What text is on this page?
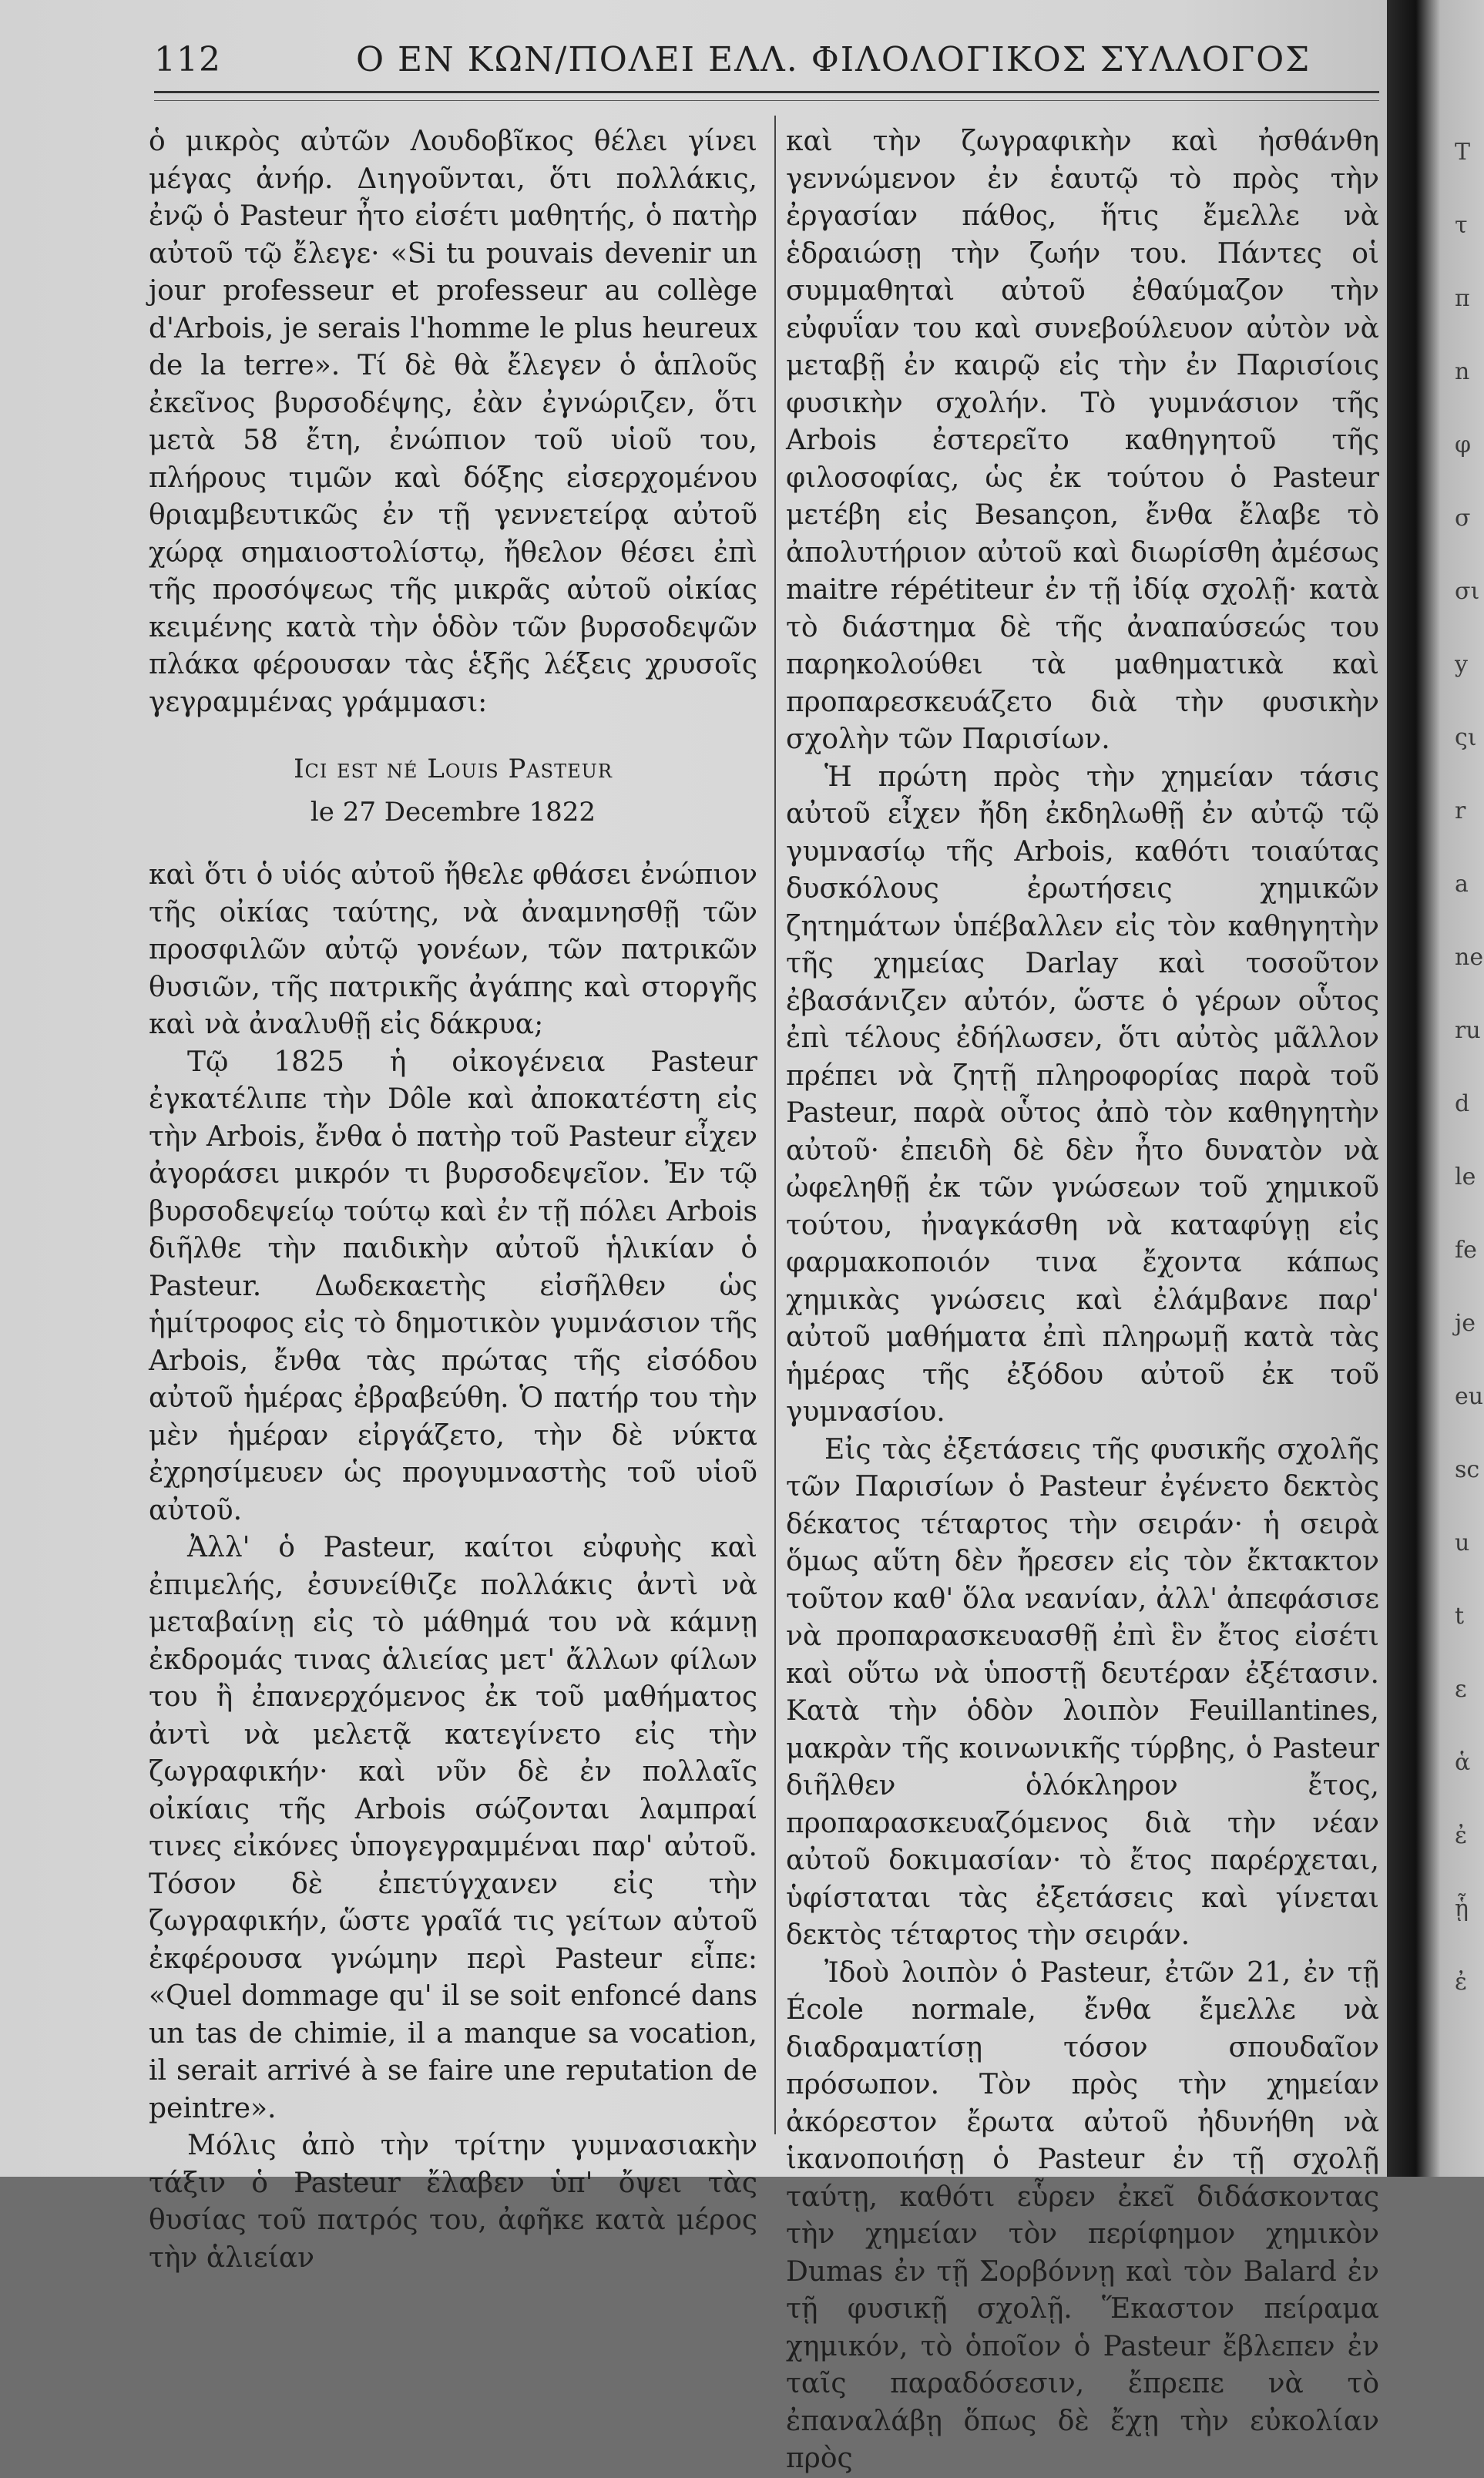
112	Ο ΕΝ ΚΩΝ/ΠΟΛΕΙ ΕΛΛ. ΦΙΛΟΛΟΓΙΚΟΣ ΣΥΛΛΟΓΟΣ

ὁ μικρὸς αὐτῶν Λουδοβῖκος θέλει γίνει μέγας ἀνήρ. Διηγοῦνται, ὅτι πολλάκις, ἐνῷ ὁ Pasteur ἦτο εἰσέτι μαθητής, ὁ πατὴρ αὐτοῦ τῷ ἔλεγε· «Si tu pouvais devenir un jour professeur et professeur au collège d'Arbois, je serais l'homme le plus heureux de la terre». Τί δὲ θὰ ἔλεγεν ὁ ἁπλοῦς ἐκεῖνος βυρσοδέψης, ἐὰν ἐγνώριζεν, ὅτι μετὰ 58 ἔτη, ἐνώπιον τοῦ υἱοῦ του, πλήρους τιμῶν καὶ δόξης εἰσερχομένου θριαμβευτικῶς ἐν τῇ γεννετείρᾳ αὐτοῦ χώρᾳ σημαιοστολίστῳ, ἤθελον θέσει ἐπὶ τῆς προσόψεως τῆς μικρᾶς αὐτοῦ οἰκίας κειμένης κατὰ τὴν ὁδὸν τῶν βυρσοδεψῶν πλάκα φέρουσαν τὰς ἑξῆς λέξεις χρυσοῖς γεγραμμένας γράμμασι:

Ici est né Louis Pasteur
le 27 Decembre 1822

καὶ ὅτι ὁ υἱός αὐτοῦ ἤθελε φθάσει ἐνώπιον τῆς οἰκίας ταύτης, νὰ ἀναμνησθῇ τῶν προσφιλῶν αὐτῷ γονέων, τῶν πατρικῶν θυσιῶν, τῆς πατρικῆς ἀγάπης καὶ στοργῆς καὶ νὰ ἀναλυθῇ εἰς δάκρυα;

Τῷ 1825 ἡ οἰκογένεια Pasteur ἐγκατέλιπε τὴν Dôle καὶ ἀποκατέστη εἰς τὴν Arbois, ἔνθα ὁ πατὴρ τοῦ Pasteur εἶχεν ἀγοράσει μικρόν τι βυρσοδεψεῖον. Ἐν τῷ βυρσοδεψείῳ τούτῳ καὶ ἐν τῇ πόλει Arbois διῆλθε τὴν παιδικὴν αὐτοῦ ἡλικίαν ὁ Pasteur. Δωδεκαετὴς εἰσῆλθεν ὡς ἡμίτροφος εἰς τὸ δημοτικὸν γυμνάσιον τῆς Arbois, ἔνθα τὰς πρώτας τῆς εἰσόδου αὐτοῦ ἡμέρας ἐβραβεύθη. Ὁ πατήρ του τὴν μὲν ἡμέραν εἰργάζετο, τὴν δὲ νύκτα ἐχρησίμευεν ὡς προγυμναστὴς τοῦ υἱοῦ αὐτοῦ.

Ἀλλ' ὁ Pasteur, καίτοι εὐφυὴς καὶ ἐπιμελής, ἐσυνείθιζε πολλάκις ἀντὶ νὰ μεταβαίνῃ εἰς τὸ μάθημά του νὰ κάμνῃ ἐκδρομάς τινας ἁλιείας μετ' ἄλλων φίλων του ἢ ἐπανερχόμενος ἐκ τοῦ μαθήματος ἀντὶ νὰ μελετᾷ κατεγίνετο εἰς τὴν ζωγραφικήν· καὶ νῦν δὲ ἐν πολλαῖς οἰκίαις τῆς Arbois σώζονται λαμπραί τινες εἰκόνες ὑπογεγραμμέναι παρ' αὐτοῦ. Τόσον δὲ ἐπετύγχανεν εἰς τὴν ζωγραφικήν, ὥστε γραῖά τις γείτων αὐτοῦ ἐκφέρουσα γνώμην περὶ Pasteur εἶπε: «Quel dommage qu' il se soit enfoncé dans un tas de chimie, il a manque sa vocation, il serait arrivé à se faire une reputation de peintre».

Μόλις ἀπὸ τὴν τρίτην γυμνασιακὴν τάξιν ὁ Pasteur ἔλαβεν ὑπ' ὄψει τὰς θυσίας τοῦ πατρός του, ἀφῆκε κατὰ μέρος τὴν ἁλιείαν

καὶ τὴν ζωγραφικὴν καὶ ἠσθάνθη γεννώμενον ἐν ἑαυτῷ τὸ πρὸς τὴν ἐργασίαν πάθος, ἥτις ἔμελλε νὰ ἑδραιώσῃ τὴν ζωήν του. Πάντες οἱ συμμαθηταὶ αὐτοῦ ἐθαύμαζον τὴν εὐφυΐαν του καὶ συνεβούλευον αὐτὸν νὰ μεταβῇ ἐν καιρῷ εἰς τὴν ἐν Παρισίοις φυσικὴν σχολήν. Τὸ γυμνάσιον τῆς Arbois ἐστερεῖτο καθηγητοῦ τῆς φιλοσοφίας, ὡς ἐκ τούτου ὁ Pasteur μετέβη εἰς Besançon, ἔνθα ἔλαβε τὸ ἀπολυτήριον αὐτοῦ καὶ διωρίσθη ἀμέσως maitre répétiteur ἐν τῇ ἰδίᾳ σχολῇ· κατὰ τὸ διάστημα δὲ τῆς ἀναπαύσεώς του παρηκολούθει τὰ μαθηματικὰ καὶ προπαρεσκευάζετο διὰ τὴν φυσικὴν σχολὴν τῶν Παρισίων.

Ἡ πρώτη πρὸς τὴν χημείαν τάσις αὐτοῦ εἶχεν ἤδη ἐκδηλωθῇ ἐν αὐτῷ τῷ γυμνασίῳ τῆς Arbois, καθότι τοιαύτας δυσκόλους ἐρωτήσεις χημικῶν ζητημάτων ὑπέβαλλεν εἰς τὸν καθηγητὴν τῆς χημείας Darlay καὶ τοσοῦτον ἐβασάνιζεν αὐτόν, ὥστε ὁ γέρων οὗτος ἐπὶ τέλους ἐδήλωσεν, ὅτι αὐτὸς μᾶλλον πρέπει νὰ ζητῇ πληροφορίας παρὰ τοῦ Pasteur, παρὰ οὗτος ἀπὸ τὸν καθηγητὴν αὐτοῦ· ἐπειδὴ δὲ δὲν ἦτο δυνατὸν νὰ ὠφεληθῇ ἐκ τῶν γνώσεων τοῦ χημικοῦ τούτου, ἠναγκάσθη νὰ καταφύγῃ εἰς φαρμακοποιόν τινα ἔχοντα κάπως χημικὰς γνώσεις καὶ ἐλάμβανε παρ' αὐτοῦ μαθήματα ἐπὶ πληρωμῇ κατὰ τὰς ἡμέρας τῆς ἐξόδου αὐτοῦ ἐκ τοῦ γυμνασίου.

Εἰς τὰς ἐξετάσεις τῆς φυσικῆς σχολῆς τῶν Παρισίων ὁ Pasteur ἐγένετο δεκτὸς δέκατος τέταρτος τὴν σειράν· ἡ σειρὰ ὅμως αὕτη δὲν ἤρεσεν εἰς τὸν ἔκτακτον τοῦτον καθ' ὅλα νεανίαν, ἀλλ' ἀπεφάσισε νὰ προπαρασκευασθῇ ἐπὶ ἓν ἔτος εἰσέτι καὶ οὕτω νὰ ὑποστῇ δευτέραν ἐξέτασιν. Κατὰ τὴν ὁδὸν λοιπὸν Feuillantines, μακρὰν τῆς κοινωνικῆς τύρβης, ὁ Pasteur διῆλθεν ὁλόκληρον ἔτος, προπαρασκευαζόμενος διὰ τὴν νέαν αὐτοῦ δοκιμασίαν· τὸ ἔτος παρέρχεται, ὑφίσταται τὰς ἐξετάσεις καὶ γίνεται δεκτὸς τέταρτος τὴν σειράν.

Ἰδοὺ λοιπὸν ὁ Pasteur, ἐτῶν 21, ἐν τῇ École normale, ἔνθα ἔμελλε νὰ διαδραματίσῃ τόσον σπουδαῖον πρόσωπον. Τὸν πρὸς τὴν χημείαν ἀκόρεστον ἔρωτα αὐτοῦ ἠδυνήθη νὰ ἱκανοποιήσῃ ὁ Pasteur ἐν τῇ σχολῇ ταύτῃ, καθότι εὗρεν ἐκεῖ διδάσκοντας τὴν χημείαν τὸν περίφημον χημικὸν Dumas ἐν τῇ Σορβόννῃ καὶ τὸν Balard ἐν τῇ φυσικῇ σχολῇ. Ἕκαστον πείραμα χημικόν, τὸ ὁποῖον ὁ Pasteur ἔβλεπεν ἐν ταῖς παραδόσεσιν, ἔπρεπε νὰ τὸ ἐπαναλάβῃ ὅπως δὲ ἔχῃ τὴν εὐκολίαν πρὸς

T
τ
π
n
φ
σ
σι
y
ςι
r
a
ne
ru
d
le
fe
je
eu
sc
u
t
ε
ἁ
ἐ
ᾗ
ἐ
